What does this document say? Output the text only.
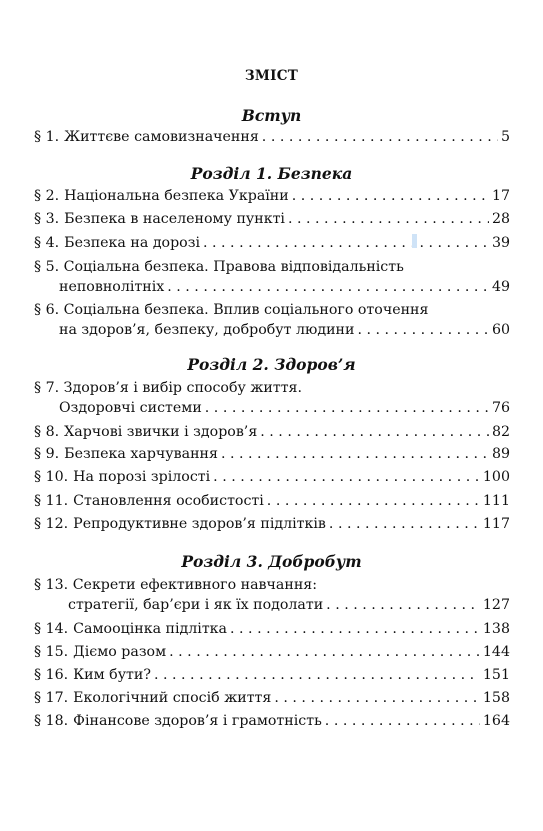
ЗМІСТ
Вступ
§ 1. Життєве самовизначення . . .	5
Розділ 1. Безпека
§ 2. Національна безпека України . . .	17
§ 3. Безпека в населеному пункті . . .	28
§ 4. Безпека на дорозі . . .	39
§ 5. Соціальна безпека. Правова відповідальність
неповнолітніх . . .	49
§ 6. Соціальна безпека. Вплив соціального оточення
на здоров’я, безпеку, добробут людини . . .	60
Розділ 2. Здоров’я
§ 7. Здоров’я і вибір способу життя.
Оздоровчі системи . . .	76
§ 8. Харчові звички і здоров’я . . .	82
§ 9. Безпека харчування . . .	89
§ 10. На порозі зрілості . . .	100
§ 11. Становлення особистості . . .	111
§ 12. Репродуктивне здоров’я підлітків . . .	117
Розділ 3. Добробут
§ 13. Секрети ефективного навчання:
стратегії, бар’єри і як їх подолати . . .	127
§ 14. Самооцінка підлітка . . .	138
§ 15. Діємо разом . . .	144
§ 16. Ким бути? . . .	151
§ 17. Екологічний спосіб життя . . .	158
§ 18. Фінансове здоров’я і грамотність . . .	164
